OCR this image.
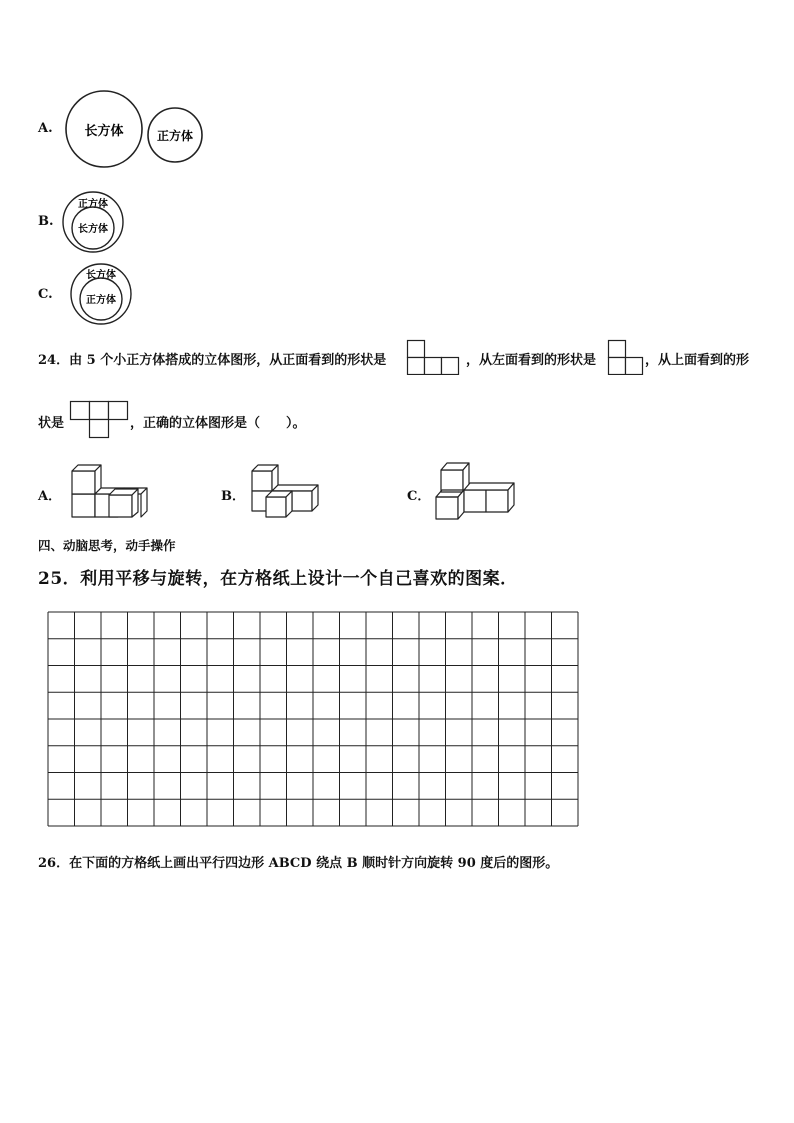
A. 长方体	正方体
B.
正方体
长方体
C.
长方体
正方体
24．由 5 个小正方体搭成的立体图形，从正面看到的形状是	，从左面看到的形状是	，从上面看到的形
状是	，正确的立体图形是（　　）。
A．	B．	C．
四、动脑思考，动手操作
25．利用平移与旋转，在方格纸上设计一个自己喜欢的图案．
26．在下面的方格纸上画出平行四边形 ABCD 绕点 B 顺时针方向旋转 90 度后的图形。
